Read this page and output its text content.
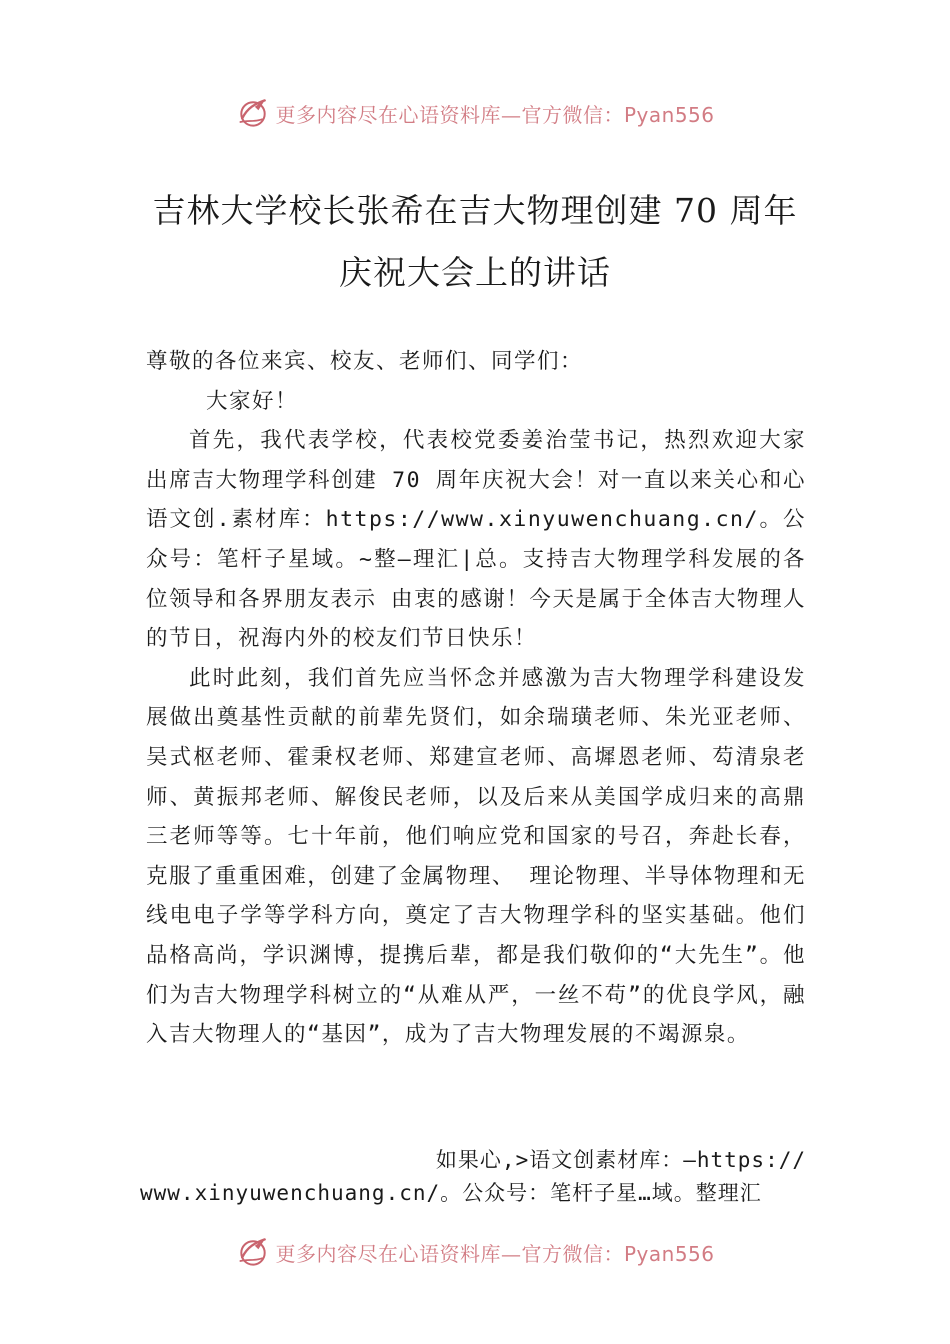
更多内容尽在心语资料库—官方微信：Pyan556
吉林大学校长张希在吉大物理创建 70 周年
庆祝大会上的讲话

尊敬的各位来宾、校友、老师们、同学们：

大家好！

首先，我代表学校，代表校党委姜治莹书记，热烈欢迎大家出席吉大物理学科创建 70 周年庆祝大会！对一直以来关心和心语文创.素材库：https://www.xinyuwenchuang.cn/。公众号：笔杆子星域。~整—理汇|总。支持吉大物理学科发展的各位领导和各界朋友表示 由衷的感谢！今天是属于全体吉大物理人的节日，祝海内外的校友们节日快乐！

此时此刻，我们首先应当怀念并感激为吉大物理学科建设发展做出奠基性贡献的前辈先贤们，如余瑞璜老师、朱光亚老师、吴式枢老师、霍秉权老师、郑建宣老师、高墀恩老师、芶清泉老师、黄振邦老师、解俊民老师，以及后来从美国学成归来的高鼎三老师等等。七十年前，他们响应党和国家的号召，奔赴长春，克服了重重困难，创建了金属物理、 理论物理、半导体物理和无线电电子学等学科方向，奠定了吉大物理学科的坚实基础。他们品格高尚，学识渊博，提携后辈，都是我们敬仰的“大先生”。他们为吉大物理学科树立的“从难从严，一丝不苟”的优良学风，融入吉大物理人的“基因”，成为了吉大物理发展的不竭源泉。

如果心,>语文创素材库：—https://

www.xinyuwenchuang.cn/。公众号：笔杆子星…域。整理汇

更多内容尽在心语资料库—官方微信：Pyan556
